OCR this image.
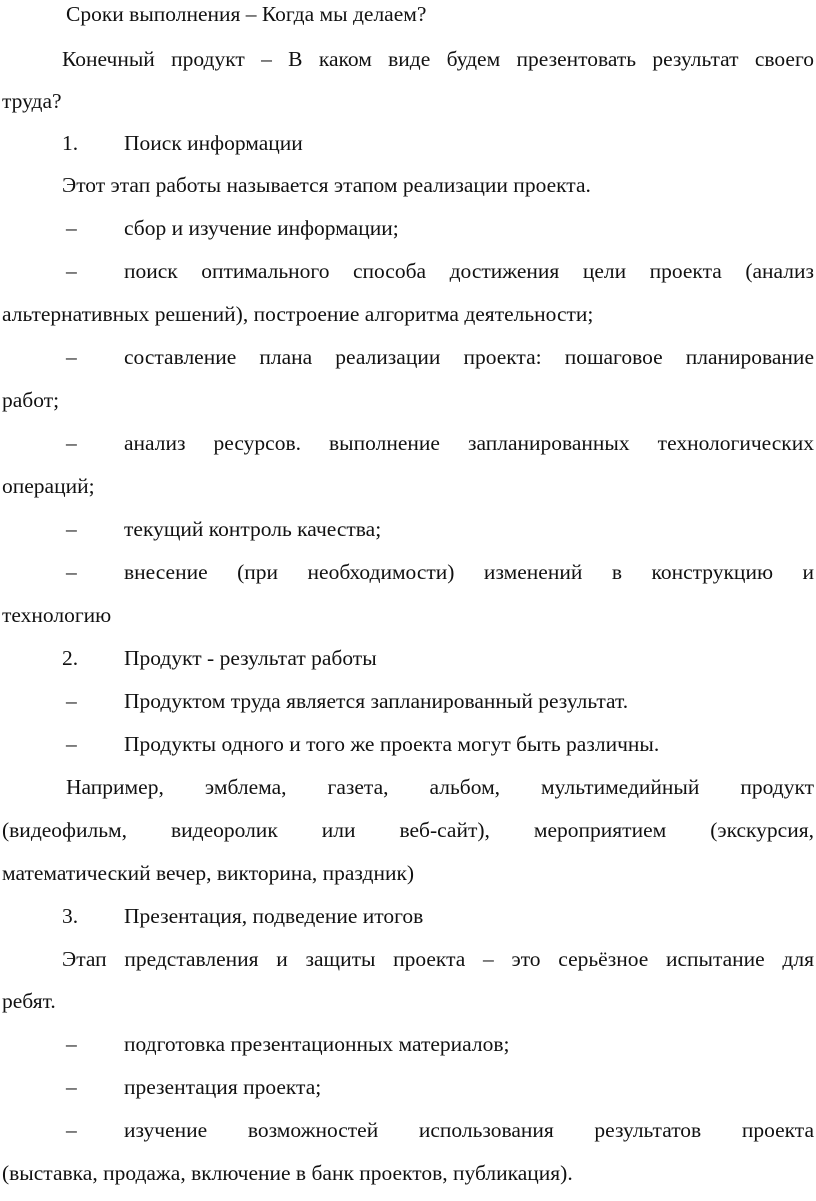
Сроки выполнения – Когда мы делаем?
Конечный продукт – В каком виде будем презентовать результат своего
труда?
1. Поиск информации
Этот этап работы называется этапом реализации проекта.
– сбор и изучение информации;
– поиск оптимального способа достижения цели проекта (анализ
альтернативных решений), построение алгоритма деятельности;
– составление плана реализации проекта: пошаговое планирование
работ;
– анализ ресурсов. выполнение запланированных технологических
операций;
– текущий контроль качества;
– внесение (при необходимости) изменений в конструкцию и
технологию
2. Продукт - результат работы
– Продуктом труда является запланированный результат.
– Продукты одного и того же проекта могут быть различны.
Например, эмблема, газета, альбом, мультимедийный продукт
(видеофильм, видеоролик или веб-сайт), мероприятием (экскурсия,
математический вечер, викторина, праздник)
3. Презентация, подведение итогов
Этап представления и защиты проекта – это серьёзное испытание для
ребят.
– подготовка презентационных материалов;
– презентация проекта;
– изучение возможностей использования результатов проекта
(выставка, продажа, включение в банк проектов, публикация).
